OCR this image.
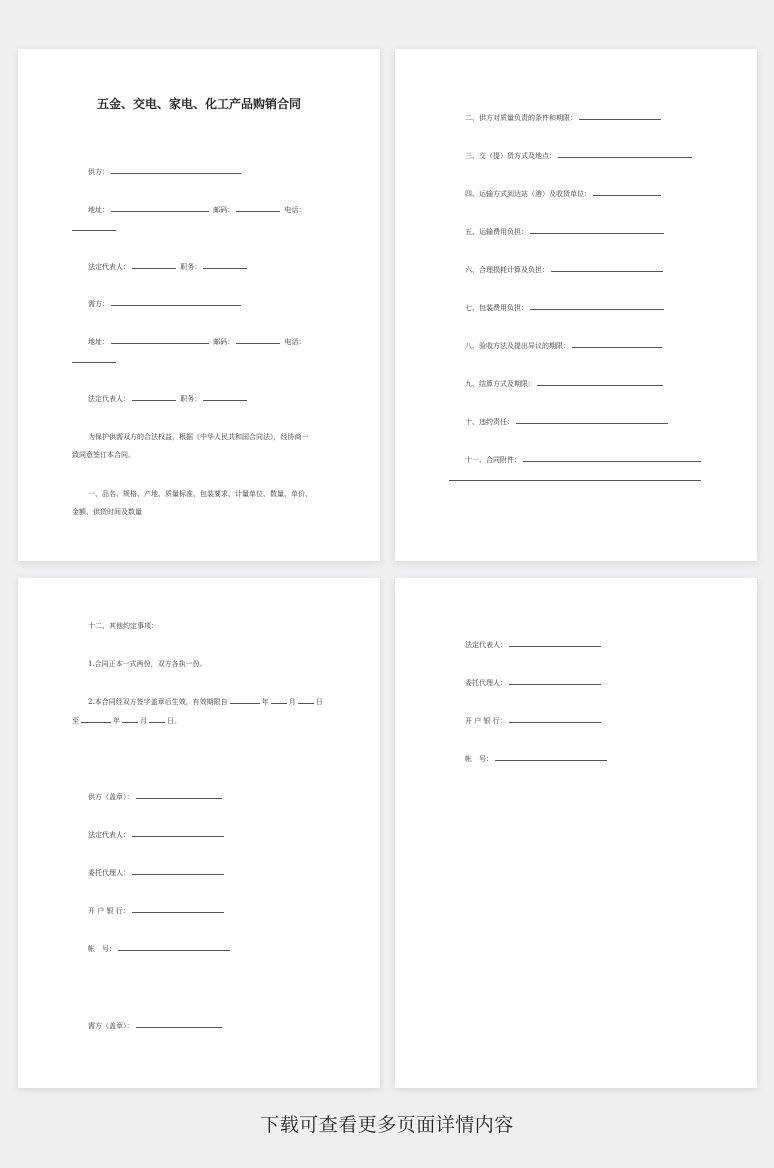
五金、交电、家电、化工产品购销合同
供方：
地址：	邮码：	电话：
法定代表人：	职务：
需方：
地址：	邮码：	电话：
法定代表人：	职务：
为保护供需双方的合法权益，根据《中华人民共和国合同法》，经协商一
致同意签订本合同。
一、品名、规格、产地、质量标准、包装要求、计量单位、数量、单价、
金额、供货时间及数量
二、供方对质量负责的条件和期限：
三、交（提）货方式及地点：
四、运输方式到达站（港）及收货单位：
五、运输费用负担：
六、合理损耗计算及负担：
七、包装费用负担：
八、验收方法及提出异议的期限：
九、结算方式及期限：
十、违约责任：
十一、合同附件：
十二、其他约定事项：
1.合同正本一式两份，双方各执一份。
2.本合同经双方签字盖章后生效，有效期限自	年	月	日
至	年	月	日。
供方（盖章）：
法定代表人：
委托代理人：
开 户 银 行：
帐　号：
需方（盖章）：
法定代表人：
委托代理人：
开 户 银 行：
帐　号：
下载可查看更多页面详情内容
